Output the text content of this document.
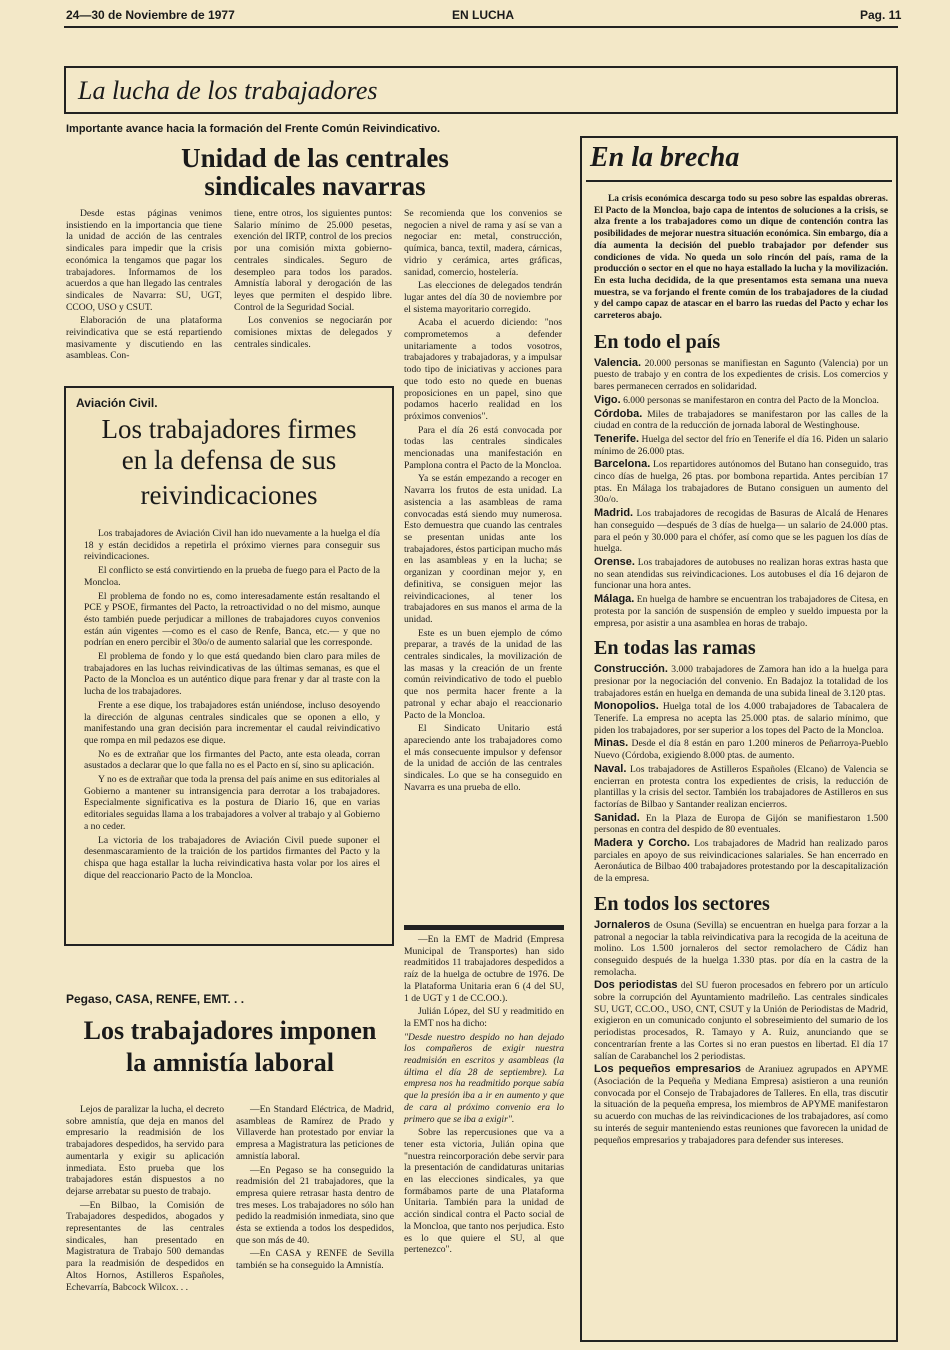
24—30 de Noviembre de 1977	EN LUCHA	Pag. 11
La lucha de los trabajadores
Importante avance hacia la formación del Frente Común Reivindicativo.
Unidad de las centrales
sindicales navarras

Desde estas páginas venimos insistiendo en la importancia que tiene la unidad de acción de las centrales sindicales para impedir que la crisis económica la tengamos que pagar los trabajadores. Informamos de los acuerdos a que han llegado las centrales sindicales de Navarra: SU, UGT, CCOO, USO y CSUT.

Elaboración de una plataforma reivindicativa que se está repartiendo masivamente y discutiendo en las asambleas. Con-

tiene, entre otros, los siguientes puntos: Salario mínimo de 25.000 pesetas, exención del IRTP, control de los precios por una comisión mixta gobierno-centrales sindicales. Seguro de desempleo para todos los parados. Amnistía laboral y derogación de las leyes que permiten el despido libre. Control de la Seguridad Social.

Los convenios se negociarán por comisiones mixtas de delegados y centrales sindicales.

Se recomienda que los convenios se negocien a nivel de rama y así se van a negociar en: metal, construcción, química, banca, textil, madera, cárnicas, vidrio y cerámica, artes gráficas, sanidad, comercio, hostelería.

Las elecciones de delegados tendrán lugar antes del día 30 de noviembre por el sistema mayoritario corregido.

Acaba el acuerdo diciendo: "nos comprometemos a defender unitariamente a todos vosotros, trabajadores y trabajadoras, y a impulsar todo tipo de iniciativas y acciones para que todo esto no quede en buenas proposiciones en un papel, sino que podamos hacerlo realidad en los próximos convenios".

Para el día 26 está convocada por todas las centrales sindicales mencionadas una manifestación en Pamplona contra el Pacto de la Moncloa.

Ya se están empezando a recoger en Navarra los frutos de esta unidad. La asistencia a las asambleas de rama convocadas está siendo muy numerosa. Esto demuestra que cuando las centrales se presentan unidas ante los trabajadores, éstos participan mucho más en las asambleas y en la lucha; se organizan y coordinan mejor y, en definitiva, se consiguen mejor las reivindicaciones, al tener los trabajadores en sus manos el arma de la unidad.

Este es un buen ejemplo de cómo preparar, a través de la unidad de las centrales sindicales, la movilización de las masas y la creación de un frente común reivindicativo de todo el pueblo que nos permita hacer frente a la patronal y echar abajo el reaccionario Pacto de la Moncloa.

El Sindicato Unitario está apareciendo ante los trabajadores como el más consecuente impulsor y defensor de la unidad de acción de las centrales sindicales. Lo que se ha conseguido en Navarra es una prueba de ello.

Aviación Civil.
Los trabajadores firmes
en la defensa de sus
reivindicaciones

Los trabajadores de Aviación Civil han ido nuevamente a la huelga el día 18 y están decididos a repetirla el próximo viernes para conseguir sus reivindicaciones.

El conflicto se está convirtiendo en la prueba de fuego para el Pacto de la Moncloa.

El problema de fondo no es, como interesadamente están resaltando el PCE y PSOE, firmantes del Pacto, la retroactividad o no del mismo, aunque ésto también puede perjudicar a millones de trabajadores cuyos convenios están aún vigentes —como es el caso de Renfe, Banca, etc.— y que no podrían en enero percibir el 30o/o de aumento salarial que les corresponde.

El problema de fondo y lo que está quedando bien claro para miles de trabajadores en las luchas reivindicativas de las últimas semanas, es que el Pacto de la Moncloa es un auténtico dique para frenar y dar al traste con la lucha de los trabajadores.

Frente a ese dique, los trabajadores están uniéndose, incluso desoyendo la dirección de algunas centrales sindicales que se oponen a ello, y manifestando una gran decisión para incrementar el caudal reivindicativo que rompa en mil pedazos ese dique.

No es de extrañar que los firmantes del Pacto, ante esta oleada, corran asustados a declarar que lo que falla no es el Pacto en sí, sino su aplicación.

Y no es de extrañar que toda la prensa del país anime en sus editoriales al Gobierno a mantener su intransigencia para derrotar a los trabajadores. Especialmente significativa es la postura de Diario 16, que en varias editoriales seguidas llama a los trabajadores a volver al trabajo y al Gobierno a no ceder.

La victoria de los trabajadores de Aviación Civil puede suponer el desenmascaramiento de la traición de los partidos firmantes del Pacto y la chispa que haga estallar la lucha reivindicativa hasta volar por los aires el dique del reaccionario Pacto de la Moncloa.

—En la EMT de Madrid (Empresa Municipal de Transportes) han sido readmitidos 11 trabajadores despedidos a raíz de la huelga de octubre de 1976. De la Plataforma Unitaria eran 6 (4 del SU, 1 de UGT y 1 de CC.OO.).

Julián López, del SU y readmitido en la EMT nos ha dicho:

"Desde nuestro despido no han dejado los compañeros de exigir nuestra readmisión en escritos y asambleas (la última el día 28 de septiembre). La empresa nos ha readmitido porque sabía que la presión iba a ir en aumento y que de cara al próximo convenio era lo primero que se iba a exigir".

Sobre las repercusiones que va a tener esta victoria, Julián opina que "nuestra reincorporación debe servir para la presentación de candidaturas unitarias en las elecciones sindicales, ya que formábamos parte de una Plataforma Unitaria. También para la unidad de acción sindical contra el Pacto social de la Moncloa, que tanto nos perjudica. Esto es lo que quiere el SU, al que pertenezco".

Pegaso, CASA, RENFE, EMT. . .
Los trabajadores imponen
la amnistía laboral

Lejos de paralizar la lucha, el decreto sobre amnistía, que deja en manos del empresario la readmisión de los trabajadores despedidos, ha servido para aumentarla y exigir su aplicación inmediata. Esto prueba que los trabajadores están dispuestos a no dejarse arrebatar su puesto de trabajo.

—En Bilbao, la Comisión de Trabajadores despedidos, abogados y representantes de las centrales sindicales, han presentado en Magistratura de Trabajo 500 demandas para la readmisión de despedidos en Altos Hornos, Astilleros Españoles, Echevarría, Babcock Wilcox. . .

—En Standard Eléctrica, de Madrid, asambleas de Ramírez de Prado y Villaverde han protestado por enviar la empresa a Magistratura las peticiones de amnistía laboral.

—En Pegaso se ha conseguido la readmisión del 21 trabajadores, que la empresa quiere retrasar hasta dentro de tres meses. Los trabajadores no sólo han pedido la readmisión inmediata, sino que ésta se extienda a todos los despedidos, que son más de 40.

—En CASA y RENFE de Sevilla también se ha conseguido la Amnistía.

En la brecha

La crisis económica descarga todo su peso sobre las espaldas obreras. El Pacto de la Moncloa, bajo capa de intentos de soluciones a la crisis, se alza frente a los trabajadores como un dique de contención contra las posibilidades de mejorar nuestra situación económica. Sin embargo, día a día aumenta la decisión del pueblo trabajador por defender sus condiciones de vida. No queda un solo rincón del país, rama de la producción o sector en el que no haya estallado la lucha y la movilización. En esta lucha decidida, de la que presentamos esta semana una nueva muestra, se va forjando el frente común de los trabajadores de la ciudad y del campo capaz de atascar en el barro las ruedas del Pacto y echar los carreteros abajo.

En todo el país

Valencia. 20.000 personas se manifiestan en Sagunto (Valencia) por un puesto de trabajo y en contra de los expedientes de crisis. Los comercios y bares permanecen cerrados en solidaridad.

Vigo. 6.000 personas se manifestaron en contra del Pacto de la Moncloa.

Córdoba. Miles de trabajadores se manifestaron por las calles de la ciudad en contra de la reducción de jornada laboral de Westinghouse.

Tenerife. Huelga del sector del frío en Tenerife el día 16. Piden un salario mínimo de 26.000 ptas.

Barcelona. Los repartidores autónomos del Butano han conseguido, tras cinco días de huelga, 26 ptas. por bombona repartida. Antes percibían 17 ptas. En Málaga los trabajadores de Butano consiguen un aumento del 30o/o.

Madrid. Los trabajadores de recogidas de Basuras de Alcalá de Henares han conseguido —después de 3 días de huelga— un salario de 24.000 ptas. para el peón y 30.000 para el chófer, así como que se les paguen los días de huelga.

Orense. Los trabajadores de autobuses no realizan horas extras hasta que no sean atendidas sus reivindicaciones. Los autobuses el día 16 dejaron de funcionar una hora antes.

Málaga. En huelga de hambre se encuentran los trabajadores de Citesa, en protesta por la sanción de suspensión de empleo y sueldo impuesta por la empresa, por asistir a una asamblea en horas de trabajo.

En todas las ramas

Construcción. 3.000 trabajadores de Zamora han ido a la huelga para presionar por la negociación del convenio. En Badajoz la totalidad de los trabajadores están en huelga en demanda de una subida lineal de 3.120 ptas.

Monopolios. Huelga total de los 4.000 trabajadores de Tabacalera de Tenerife. La empresa no acepta las 25.000 ptas. de salario mínimo, que piden los trabajadores, por ser superior a los topes del Pacto de la Moncloa.

Minas. Desde el día 8 están en paro 1.200 mineros de Peñarroya-Pueblo Nuevo (Córdoba, exigiendo 8.000 ptas. de aumento.

Naval. Los trabajadores de Astilleros Españoles (Elcano) de Valencia se encierran en protesta contra los expedientes de crisis, la reducción de plantillas y la crisis del sector. También los trabajadores de Astilleros en sus factorías de Bilbao y Santander realizan encierros.

Sanidad. En la Plaza de Europa de Gijón se manifiestaron 1.500 personas en contra del despido de 80 eventuales.

Madera y Corcho. Los trabajadores de Madrid han realizado paros parciales en apoyo de sus reivindicaciones salariales. Se han encerrado en Aeronáutica de Bilbao 400 trabajadores protestando por la descapitalización de la empresa.

En todos los sectores

Jornaleros de Osuna (Sevilla) se encuentran en huelga para forzar a la patronal a negociar la tabla reivindicativa para la recogida de la aceituna de molino. Los 1.500 jornaleros del sector remolachero de Cádiz han conseguido después de la huelga 1.330 ptas. por día en la castra de la remolacha.

Dos periodistas del SU fueron procesados en febrero por un artículo sobre la corrupción del Ayuntamiento madrileño. Las centrales sindicales SU, UGT, CC.OO., USO, CNT, CSUT y la Unión de Periodistas de Madrid, exigieron en un comunicado conjunto el sobreseimiento del sumario de los periodistas procesados, R. Tamayo y A. Ruiz, anunciando que se concentrarían frente a las Cortes si no eran puestos en libertad. El día 17 salían de Carabanchel los 2 periodistas.

Los pequeños empresarios de Araniuez agrupados en APYME (Asociación de la Pequeña y Mediana Empresa) asistieron a una reunión convocada por el Consejo de Trabajadores de Talleres. En ella, tras discutir la situación de la pequeña empresa, los miembros de APYME manifestaron su acuerdo con muchas de las reivindicaciones de los trabajadores, así como su interés de seguir manteniendo estas reuniones que favorecen la unidad de pequeños empresarios y trabajadores para defender sus intereses.
